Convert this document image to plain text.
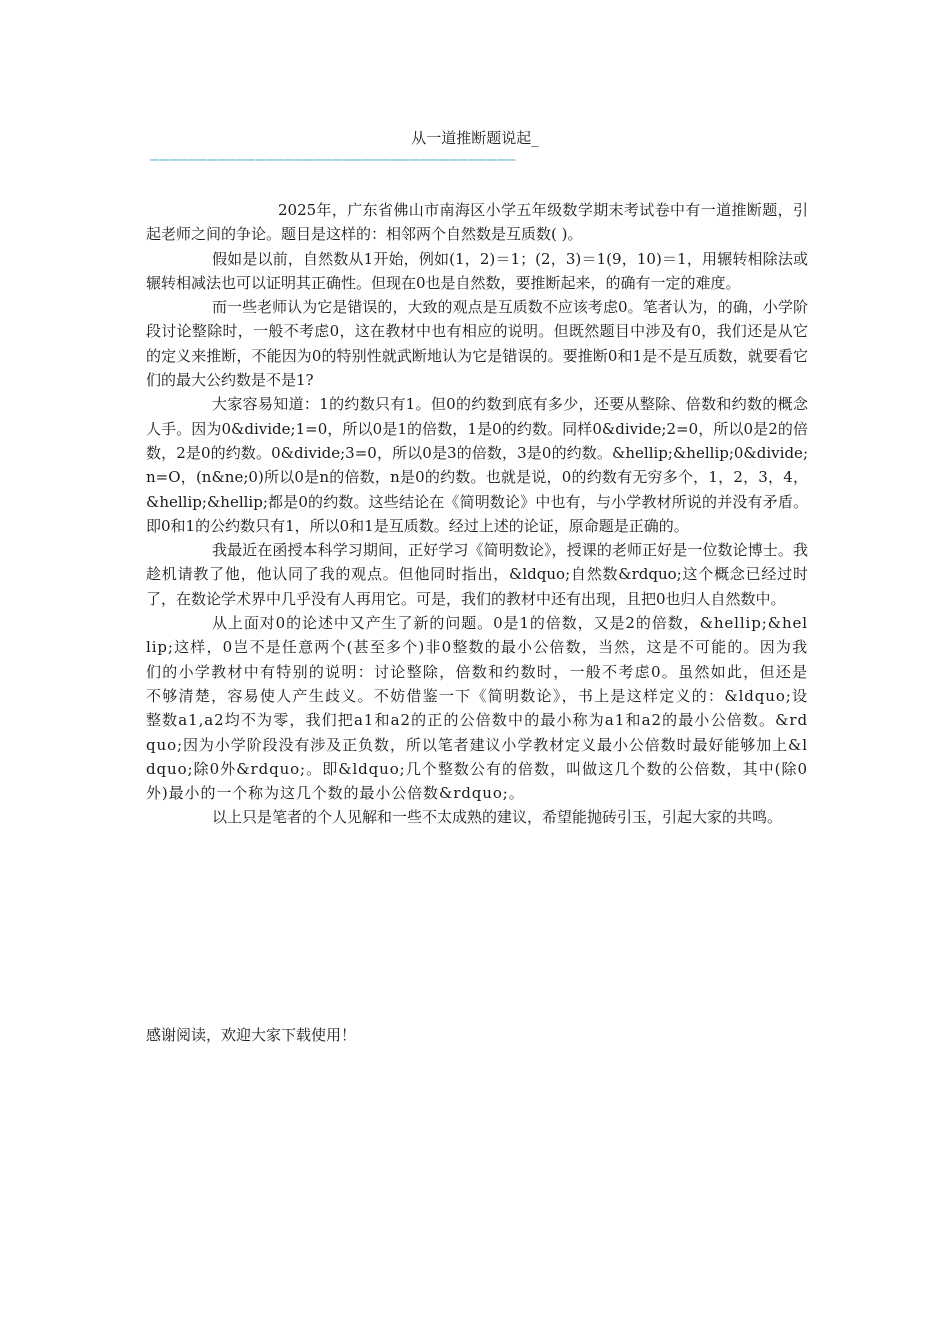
从一道推断题说起_
——————————————————————————————————————

2025年，广东省佛山市南海区小学五年级数学期末考试卷中有一道推断题，引起老师之间的争论。题目是这样的：相邻两个自然数是互质数( )。

假如是以前，自然数从1开始，例如(1，2)＝1；(2，3)＝1(9，10)＝1，用辗转相除法或辗转相减法也可以证明其正确性。但现在0也是自然数，要推断起来，的确有一定的难度。

而一些老师认为它是错误的，大致的观点是互质数不应该考虑0。笔者认为，的确，小学阶段讨论整除时，一般不考虑0，这在教材中也有相应的说明。但既然题目中涉及有0，我们还是从它的定义来推断，不能因为0的特别性就武断地认为它是错误的。要推断0和1是不是互质数，就要看它们的最大公约数是不是1?

大家容易知道：1的约数只有1。但0的约数到底有多少，还要从整除、倍数和约数的概念人手。因为0&divide;1=0，所以0是1的倍数，1是0的约数。同样0&divide;2=0，所以0是2的倍数，2是0的约数。0&divide;3=0，所以0是3的倍数，3是0的约数。&hellip;&hellip;0&divide;n=O，(n&ne;0)所以0是n的倍数，n是0的约数。也就是说，0的约数有无穷多个，1，2，3，4，&hellip;&hellip;都是0的约数。这些结论在《简明数论》中也有，与小学教材所说的并没有矛盾。即0和1的公约数只有1，所以0和1是互质数。经过上述的论证，原命题是正确的。

我最近在函授本科学习期间，正好学习《简明数论》，授课的老师正好是一位数论博士。我趁机请教了他，他认同了我的观点。但他同时指出，&ldquo;自然数&rdquo;这个概念已经过时了，在数论学术界中几乎没有人再用它。可是，我们的教材中还有出现，且把0也归人自然数中。

从上面对0的论述中又产生了新的问题。0是1的倍数，又是2的倍数，&hellip;&hellip;这样，0岂不是任意两个(甚至多个)非0整数的最小公倍数，当然，这是不可能的。因为我们的小学教材中有特别的说明：讨论整除，倍数和约数时，一般不考虑0。虽然如此，但还是不够清楚，容易使人产生歧义。不妨借鉴一下《简明数论》，书上是这样定义的：&ldquo;设整数a1,a2均不为零，我们把a1和a2的正的公倍数中的最小称为a1和a2的最小公倍数。&rdquo;因为小学阶段没有涉及正负数，所以笔者建议小学教材定义最小公倍数时最好能够加上&ldquo;除0外&rdquo;。即&ldquo;几个整数公有的倍数，叫做这几个数的公倍数，其中(除0外)最小的一个称为这几个数的最小公倍数&rdquo;。

以上只是笔者的个人见解和一些不太成熟的建议，希望能抛砖引玉，引起大家的共鸣。

感谢阅读，欢迎大家下载使用！
